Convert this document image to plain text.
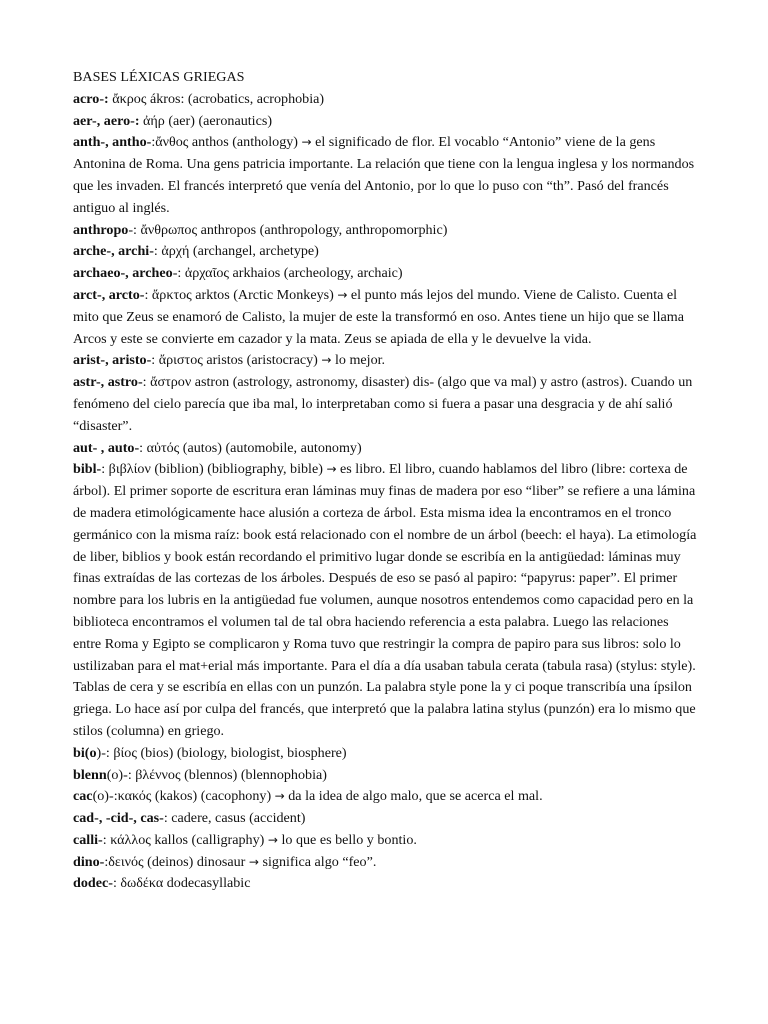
BASES LÉXICAS GRIEGAS

acro-: ἄκρος ákros: (acrobatics, acrophobia)

aer-, aero-: ἀήρ (aer) (aeronautics)

anth-, antho-:ἄνθος anthos (anthology) → el significado de flor. El vocablo “Antonio” viene de la gens Antonina de Roma. Una gens patricia importante. La relación que tiene con la lengua inglesa y los normandos que les invaden. El francés interpretó que venía del Antonio, por lo que lo puso con “th”. Pasó del francés antiguo al inglés.

anthropo-: ἄνθρωπος anthropos (anthropology, anthropomorphic)

arche-, archi-: ἀρχή (archangel, archetype)

archaeo-, archeo-: ἀρχαῖος arkhaios (archeology, archaic)

arct-, arcto-: ἄρκτος arktos (Arctic Monkeys) → el punto más lejos del mundo. Viene de Calisto. Cuenta el mito que Zeus se enamoró de Calisto, la mujer de este la transformó en oso. Antes tiene un hijo que se llama Arcos y este se convierte em cazador y la mata. Zeus se apiada de ella y le devuelve la vida.

arist-, aristo-: ἄριστος aristos (aristocracy) → lo mejor.

astr-, astro-: ἄστρον astron (astrology, astronomy, disaster) dis- (algo que va mal) y astro (astros). Cuando un fenómeno del cielo parecía que iba mal, lo interpretaban como si fuera a pasar una desgracia y de ahí salió “disaster”.

aut- , auto-: αὐτός (autos) (automobile, autonomy)

bibl-: βιβλίον (biblion) (bibliography, bible) → es libro. El libro, cuando hablamos del libro (libre: cortexa de árbol). El primer soporte de escritura eran láminas muy finas de madera por eso “liber” se refiere a una lámina de madera etimológicamente hace alusión a corteza de árbol. Esta misma idea la encontramos en el tronco germánico con la misma raíz: book está relacionado con el nombre de un árbol (beech: el haya). La etimología de liber, biblios y book están recordando el primitivo lugar donde se escribía en la antigüedad: láminas muy finas extraídas de las cortezas de los árboles. Después de eso se pasó al papiro: “papyrus: paper”. El primer nombre para los lubris en la antigüedad fue volumen, aunque nosotros entendemos como capacidad pero en la biblioteca encontramos el volumen tal de tal obra haciendo referencia a esta palabra. Luego las relaciones entre Roma y Egipto se complicaron y Roma tuvo que restringir la compra de papiro para sus libros: solo lo ustilizaban para el mat+erial más importante. Para el día a día usaban tabula cerata (tabula rasa) (stylus: style). Tablas de cera y se escribía en ellas con un punzón. La palabra style pone la y ci poque transcribía una ípsilon griega. Lo hace así por culpa del francés, que interpretó que la palabra latina stylus (punzón) era lo mismo que stilos (columna) en griego.

bi(o)-: βίος (bios) (biology, biologist, biosphere)

blenn(o)-: βλέννος (blennos) (blennophobia)

cac(o)-:κακός (kakos) (cacophony) → da la idea de algo malo, que se acerca el mal.

cad-, -cid-, cas-: cadere, casus (accident)

calli-: κάλλος kallos (calligraphy) → lo que es bello y bontio.

dino-:δεινός (deinos) dinosaur → significa algo “feo”.

dodec-: δωδέκα dodecasyllabic
